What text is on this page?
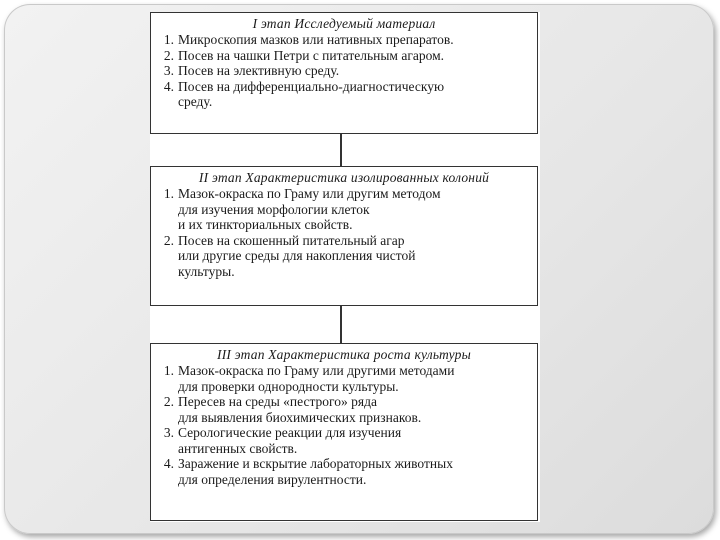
І этап Исследуемый материал
1. Микроскопия мазков или нативных препаратов.
2. Посев на чашки Петри с питательным агаром.
3. Посев на элективную среду.
4. Посев на дифференциально-диагностическую
среду.
II этап Характеристика изолированных колоний
1. Мазок-окраска по Граму или другим методом
для изучения морфологии клеток
и их тинкториальных свойств.
2. Посев на скошенный питательный агар
или другие среды для накопления чистой
культуры.
III этап Характеристика роста культуры
1. Мазок-окраска по Граму или другими методами
для проверки однородности культуры.
2. Пересев на среды «пестрого» ряда
для выявления биохимических признаков.
3. Серологические реакции для изучения
антигенных свойств.
4. Заражение и вскрытие лабораторных животных
для определения вирулентности.
